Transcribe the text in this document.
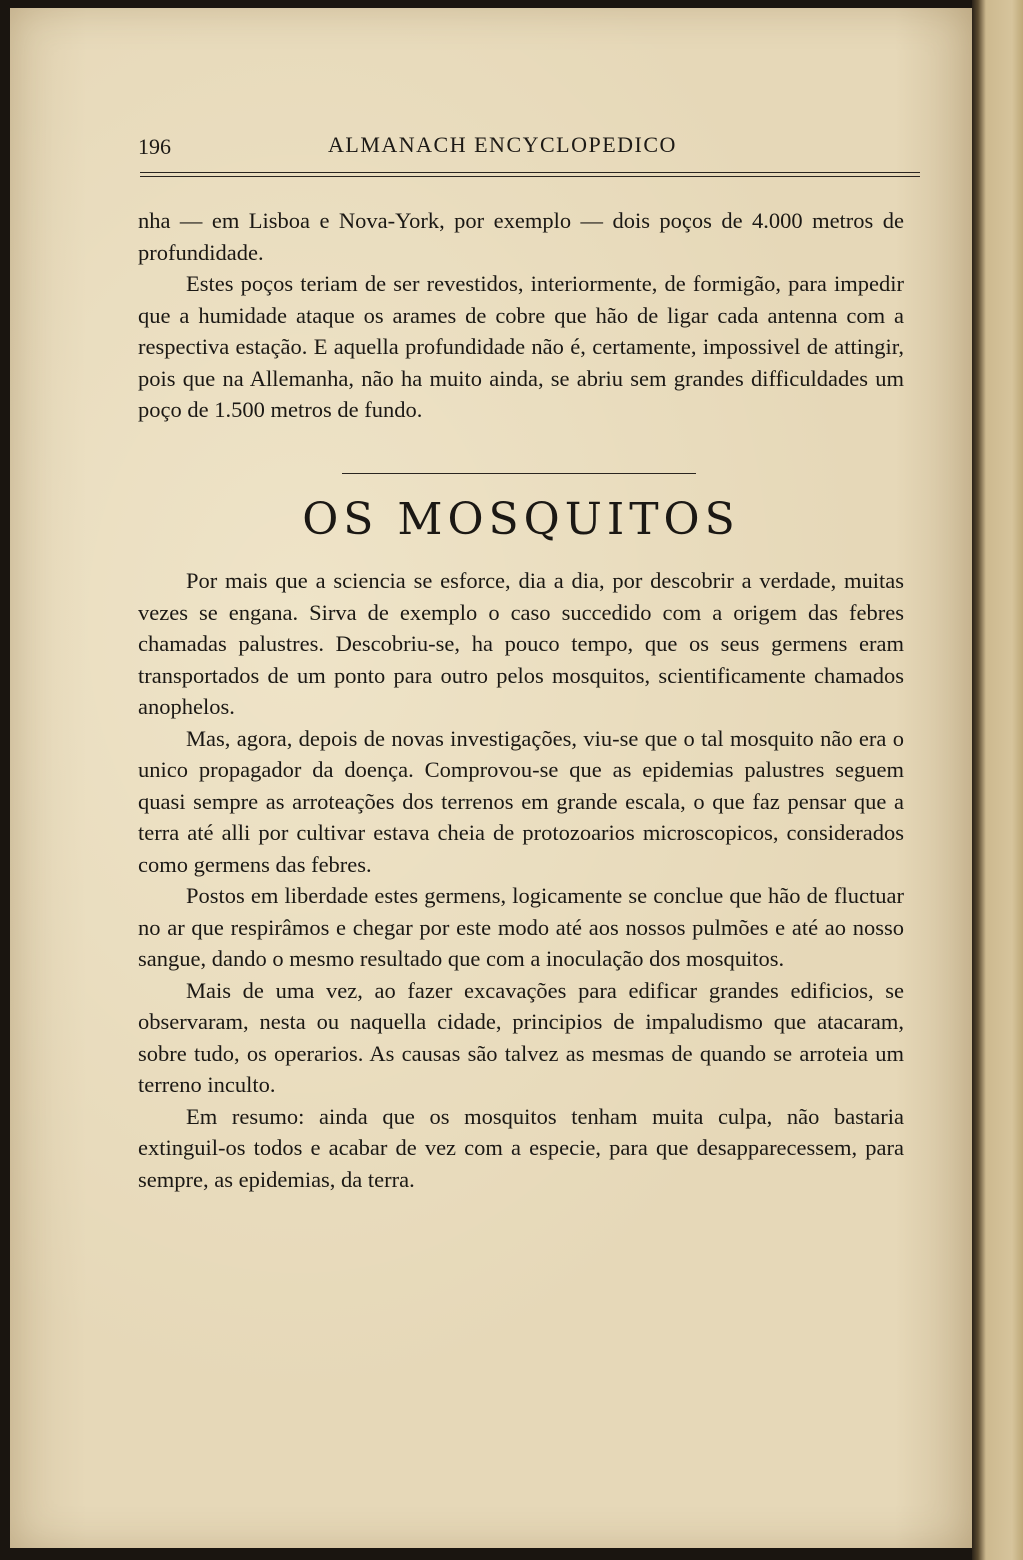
196	ALMANACH ENCYCLOPEDICO

nha — em Lisboa e Nova-York, por exemplo — dois poços de 4.000 metros de profundidade.

Estes poços teriam de ser revestidos, interiormente, de formigão, para impedir que a humidade ataque os arames de cobre que hão de ligar cada antenna com a respectiva estação. E aquella profundidade não é, certamente, impossivel de attingir, pois que na Allemanha, não ha muito ainda, se abriu sem grandes difficuldades um poço de 1.500 metros de fundo.

OS MOSQUITOS

Por mais que a sciencia se esforce, dia a dia, por descobrir a verdade, muitas vezes se engana. Sirva de exemplo o caso succedido com a origem das febres chamadas palustres. Descobriu-se, ha pouco tempo, que os seus germens eram transportados de um ponto para outro pelos mosquitos, scientificamente chamados anophelos.

Mas, agora, depois de novas investigações, viu-se que o tal mosquito não era o unico propagador da doença. Comprovou-se que as epidemias palustres seguem quasi sempre as arroteações dos terrenos em grande escala, o que faz pensar que a terra até alli por cultivar estava cheia de protozoarios microscopicos, considerados como germens das febres.

Postos em liberdade estes germens, logicamente se conclue que hão de fluctuar no ar que respirâmos e chegar por este modo até aos nossos pulmões e até ao nosso sangue, dando o mesmo resultado que com a inoculação dos mosquitos.

Mais de uma vez, ao fazer excavações para edificar grandes edificios, se observaram, nesta ou naquella cidade, principios de impaludismo que atacaram, sobre tudo, os operarios. As causas são talvez as mesmas de quando se arroteia um terreno inculto.

Em resumo: ainda que os mosquitos tenham muita culpa, não bastaria extinguil-os todos e acabar de vez com a especie, para que desapparecessem, para sempre, as epidemias, da terra.
